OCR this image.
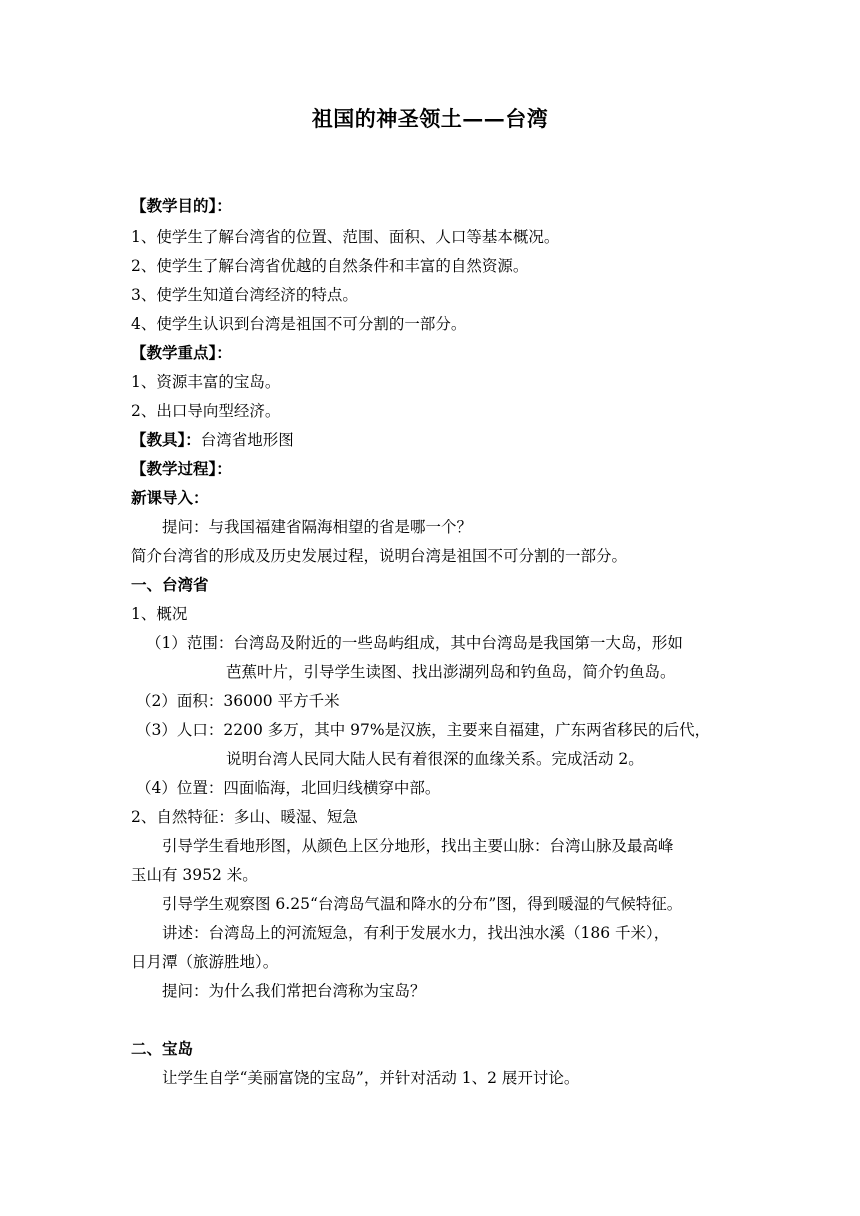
祖国的神圣领土——台湾
【教学目的】：
1、使学生了解台湾省的位置、范围、面积、人口等基本概况。
2、使学生了解台湾省优越的自然条件和丰富的自然资源。
3、使学生知道台湾经济的特点。
4、使学生认识到台湾是祖国不可分割的一部分。
【教学重点】：
1、资源丰富的宝岛。
2、出口导向型经济。
【教具】：台湾省地形图
【教学过程】：
新课导入：
提问：与我国福建省隔海相望的省是哪一个？
简介台湾省的形成及历史发展过程，说明台湾是祖国不可分割的一部分。
一、台湾省
1、概况
（1）范围：台湾岛及附近的一些岛屿组成，其中台湾岛是我国第一大岛，形如
芭蕉叶片，引导学生读图、找出澎湖列岛和钓鱼岛，简介钓鱼岛。
（2）面积：36000 平方千米
（3）人口：2200 多万，其中 97%是汉族，主要来自福建，广东两省移民的后代，
说明台湾人民同大陆人民有着很深的血缘关系。完成活动 2。
（4）位置：四面临海，北回归线横穿中部。
2、自然特征：多山、暖湿、短急
引导学生看地形图，从颜色上区分地形，找出主要山脉：台湾山脉及最高峰
玉山有 3952 米。
引导学生观察图 6.25“台湾岛气温和降水的分布”图，得到暖湿的气候特征。
讲述：台湾岛上的河流短急，有利于发展水力，找出浊水溪（186 千米），
日月潭（旅游胜地）。
提问：为什么我们常把台湾称为宝岛？
二、宝岛
让学生自学“美丽富饶的宝岛”，并针对活动 1、2 展开讨论。
